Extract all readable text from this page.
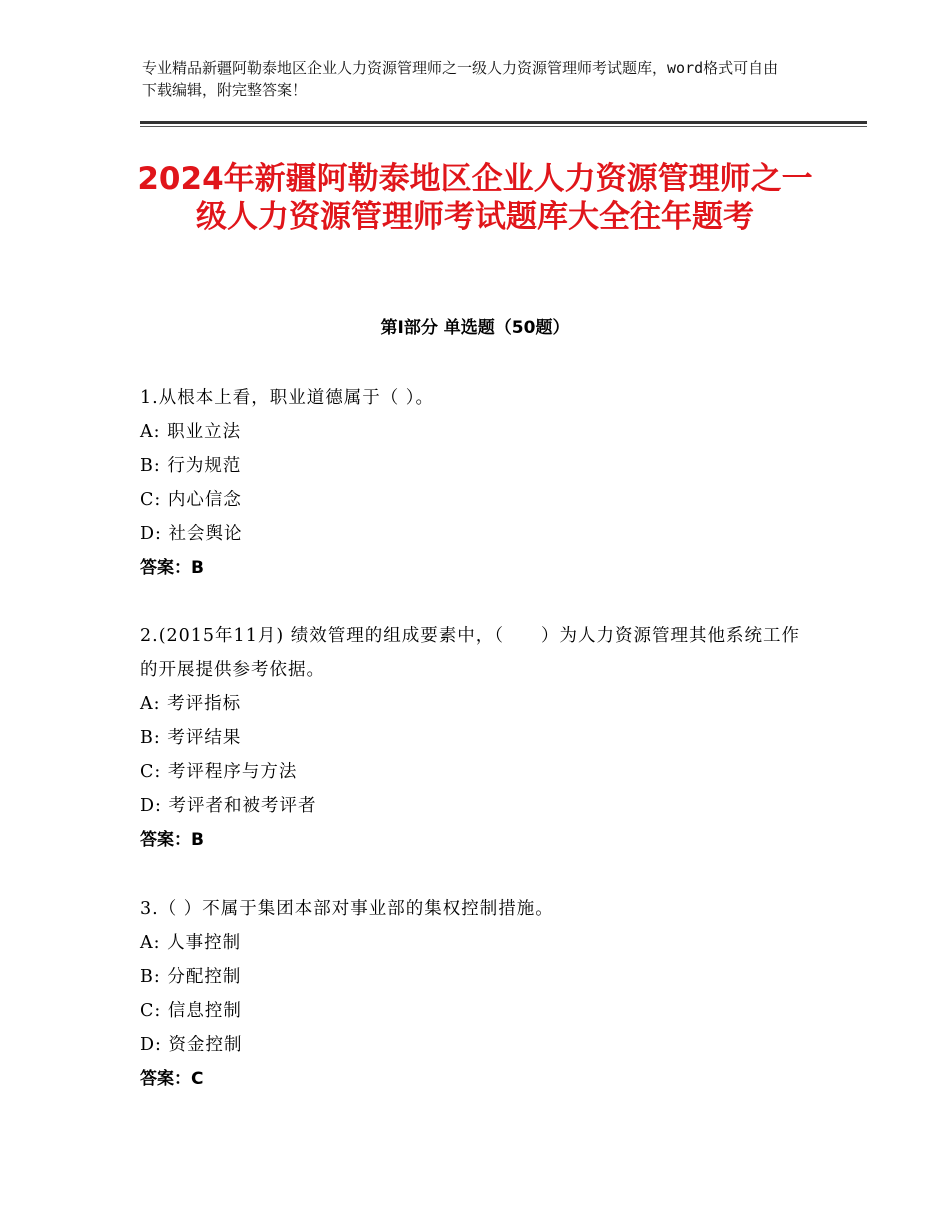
专业精品新疆阿勒泰地区企业人力资源管理师之一级人力资源管理师考试题库，word格式可自由下载编辑，附完整答案！
2024年新疆阿勒泰地区企业人力资源管理师之一级人力资源管理师考试题库大全往年题考
第Ⅰ部分 单选题（50题）
1.从根本上看，职业道德属于（ ）。
A: 职业立法
B: 行为规范
C: 内心信念
D: 社会舆论
答案：B
2.(2015年11月) 绩效管理的组成要素中，（　　）为人力资源管理其他系统工作的开展提供参考依据。
A: 考评指标
B: 考评结果
C: 考评程序与方法
D: 考评者和被考评者
答案：B
3.（ ）不属于集团本部对事业部的集权控制措施。
A: 人事控制
B: 分配控制
C: 信息控制
D: 资金控制
答案：C
